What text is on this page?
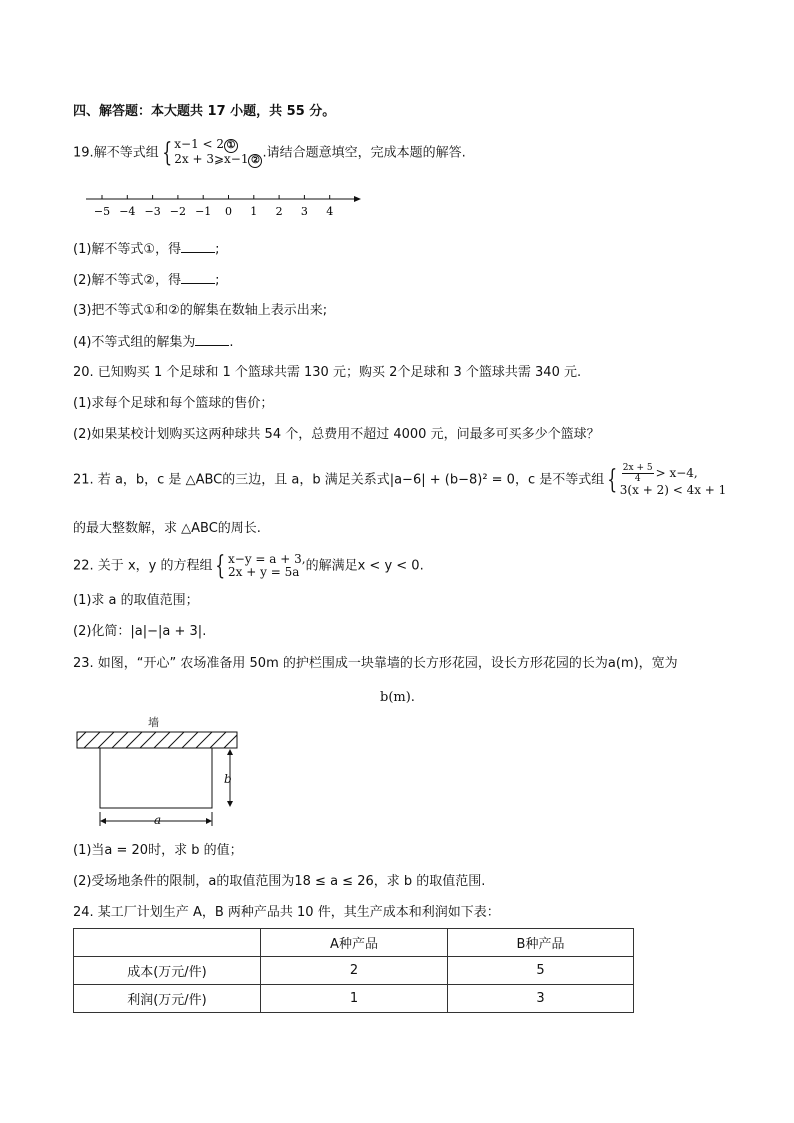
四、解答题：本大题共 17 小题，共 55 分。
19.解不等式组 { x−1 < 2 ①
2x + 3⩾x−1 ② .请结合题意填空，完成本题的解答.
−5 −4 −3 −2 −1 0 1 2 3 4
(1)解不等式①，得	;
(2)解不等式②，得	;
(3)把不等式①和②的解集在数轴上表示出来;
(4)不等式组的解集为	.
20. 已知购买 1 个足球和 1 个篮球共需 130 元；购买 2个足球和 3 个篮球共需 340 元.
(1)求每个足球和每个篮球的售价；
(2)如果某校计划购买这两种球共 54 个，总费用不超过 4000 元，问最多可买多少个篮球？
21. 若 a，b，c 是 △ABC的三边，且 a，b 满足关系式|a−6| + (b−8)² = 0，c 是不等式组 { $\frac{2x + 5}{4} > x-4$,
3(x + 2) < 4x + 1
的最大整数解，求 △ABC的周长.
22. 关于 x，y 的方程组 { x−y = a + 3,
2x + y = 5a 的解满足x < y < 0.
(1)求 a 的取值范围；
(2)化简：|a|−|a + 3|.
23. 如图，“开心” 农场准备用 50m 的护栏围成一块靠墙的长方形花园，设长方形花园的长为a(m)，宽为
b(m).
墙
b
a
(1)当a = 20时，求 b 的值；
(2)受场地条件的限制，a的取值范围为18 ≤ a ≤ 26，求 b 的取值范围.
24. 某工厂计划生产 A，B 两种产品共 10 件，其生产成本和利润如下表：
	A种产品	B种产品
成本(万元/件)	2	5
利润(万元/件)	1	3
